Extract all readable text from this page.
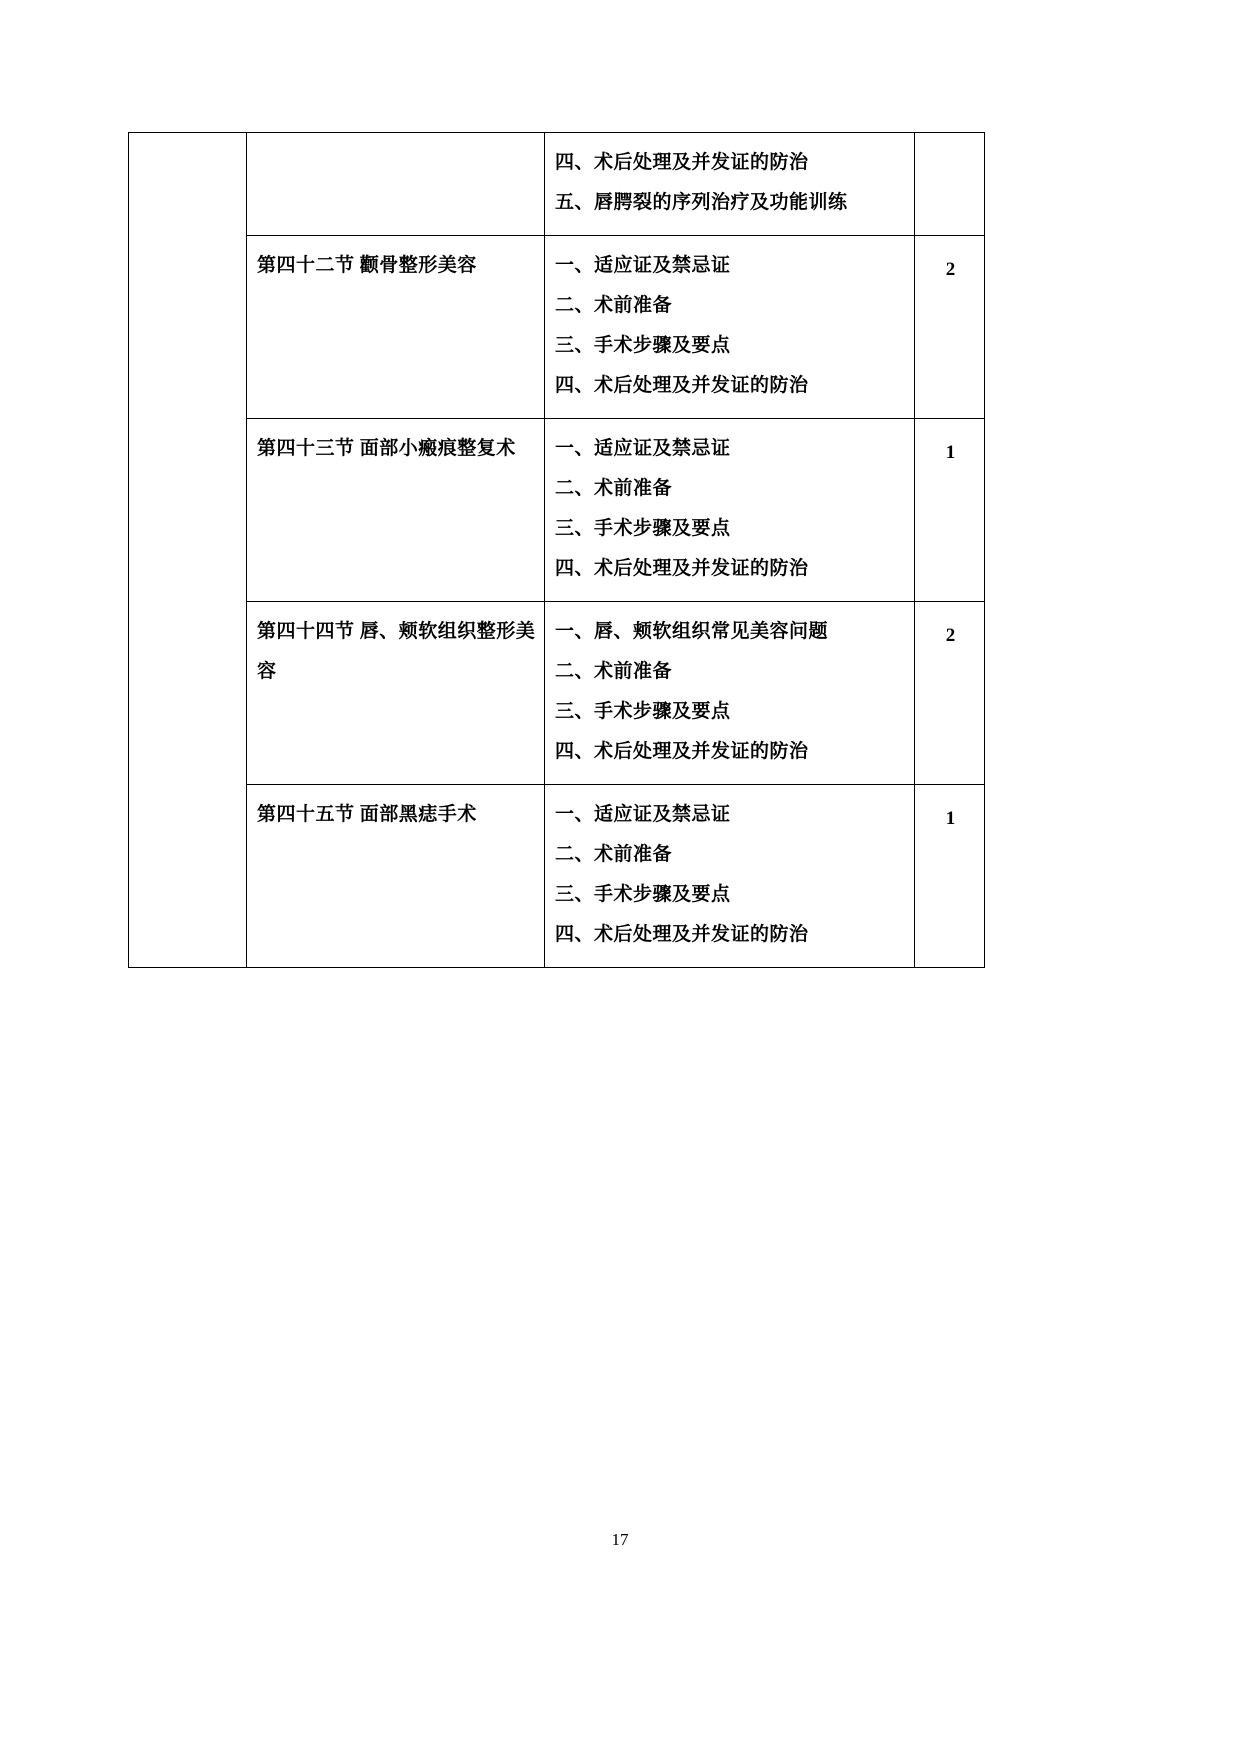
		四、术后处理及并发证的防治
五、唇腭裂的序列治疗及功能训练	

	第四十二节 颧骨整形美容	一、适应证及禁忌证
二、术前准备
三、手术步骤及要点
四、术后处理及并发证的防治	2

	第四十三节 面部小瘢痕整复术	一、适应证及禁忌证
二、术前准备
三、手术步骤及要点
四、术后处理及并发证的防治	1

	第四十四节 唇、颊软组织整形美容	一、唇、颊软组织常见美容问题
二、术前准备
三、手术步骤及要点
四、术后处理及并发证的防治	2

	第四十五节 面部黑痣手术	一、适应证及禁忌证
二、术前准备
三、手术步骤及要点
四、术后处理及并发证的防治	1
17
